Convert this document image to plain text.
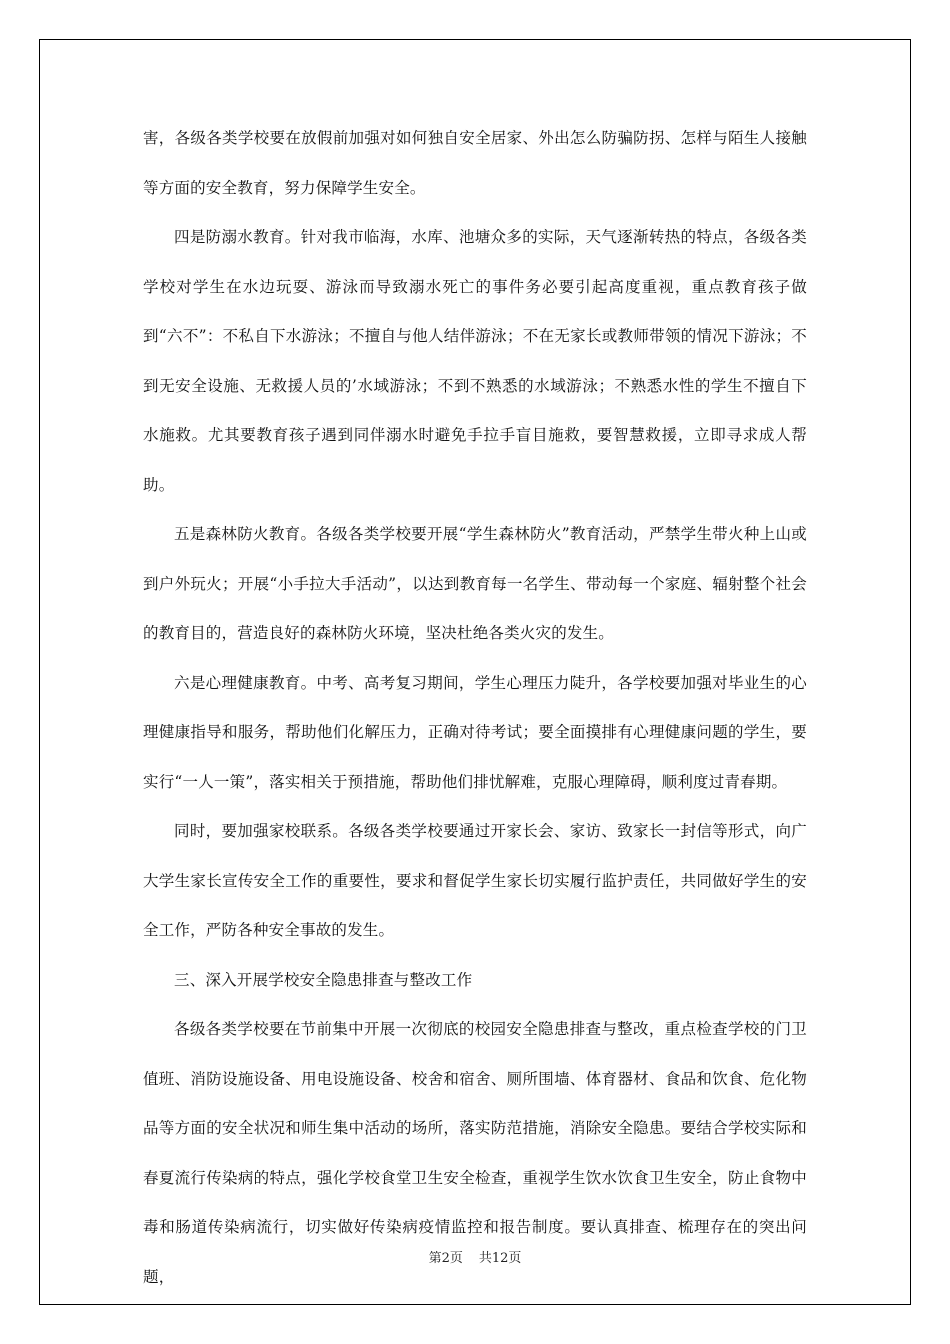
害，各级各类学校要在放假前加强对如何独自安全居家、外出怎么防骗防拐、怎样与陌生人接触等方面的安全教育，努力保障学生安全。

四是防溺水教育。针对我市临海，水库、池塘众多的实际，天气逐渐转热的特点，各级各类学校对学生在水边玩耍、游泳而导致溺水死亡的事件务必要引起高度重视，重点教育孩子做到“六不”：不私自下水游泳；不擅自与他人结伴游泳；不在无家长或教师带领的情况下游泳；不到无安全设施、无救援人员的’水域游泳；不到不熟悉的水域游泳；不熟悉水性的学生不擅自下水施救。尤其要教育孩子遇到同伴溺水时避免手拉手盲目施救，要智慧救援，立即寻求成人帮助。

五是森林防火教育。各级各类学校要开展“学生森林防火”教育活动，严禁学生带火种上山或到户外玩火；开展“小手拉大手活动”，以达到教育每一名学生、带动每一个家庭、辐射整个社会的教育目的，营造良好的森林防火环境，坚决杜绝各类火灾的发生。

六是心理健康教育。中考、高考复习期间，学生心理压力陡升，各学校要加强对毕业生的心理健康指导和服务，帮助他们化解压力，正确对待考试；要全面摸排有心理健康问题的学生，要实行“一人一策”，落实相关于预措施，帮助他们排忧解难，克服心理障碍，顺利度过青春期。

同时，要加强家校联系。各级各类学校要通过开家长会、家访、致家长一封信等形式，向广大学生家长宣传安全工作的重要性，要求和督促学生家长切实履行监护责任，共同做好学生的安全工作，严防各种安全事故的发生。

三、深入开展学校安全隐患排查与整改工作

各级各类学校要在节前集中开展一次彻底的校园安全隐患排查与整改，重点检查学校的门卫值班、消防设施设备、用电设施设备、校舍和宿舍、厕所围墙、体育器材、食品和饮食、危化物品等方面的安全状况和师生集中活动的场所，落实防范措施，消除安全隐患。要结合学校实际和春夏流行传染病的特点，强化学校食堂卫生安全检查，重视学生饮水饮食卫生安全，防止食物中毒和肠道传染病流行，切实做好传染病疫情监控和报告制度。要认真排查、梳理存在的突出问题，

第2页 共12页
